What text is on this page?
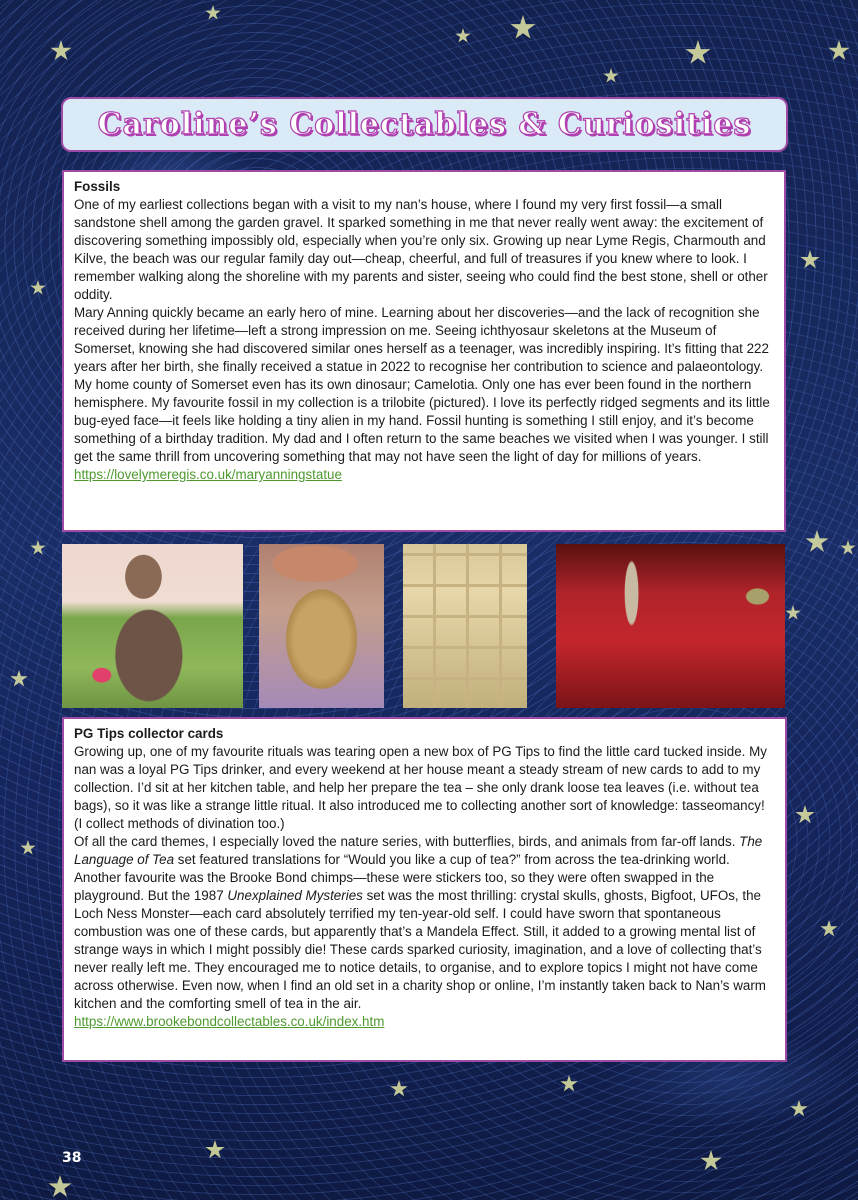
Caroline’s Collectables & Curiosities
Fossils

One of my earliest collections began with a visit to my nan’s house, where I found my very first fossil—a small sandstone shell among the garden gravel. It sparked something in me that never really went away: the excitement of discovering something impossibly old, especially when you’re only six. Growing up near Lyme Regis, Charmouth and Kilve, the beach was our regular family day out—cheap, cheerful, and full of treasures if you knew where to look. I remember walking along the shoreline with my parents and sister, seeing who could find the best stone, shell or other oddity.

Mary Anning quickly became an early hero of mine. Learning about her discoveries—and the lack of recognition she received during her lifetime—left a strong impression on me. Seeing ichthyosaur skeletons at the Museum of Somerset, knowing she had discovered similar ones herself as a teenager, was incredibly inspiring. It’s fitting that 222 years after her birth, she finally received a statue in 2022 to recognise her contribution to science and palaeontology. My home county of Somerset even has its own dinosaur; Camelotia. Only one has ever been found in the northern hemisphere. My favourite fossil in my collection is a trilobite (pictured). I love its perfectly ridged segments and its little bug-eyed face—it feels like holding a tiny alien in my hand. Fossil hunting is something I still enjoy, and it’s become something of a birthday tradition. My dad and I often return to the same beaches we visited when I was younger. I still get the same thrill from uncovering something that may not have seen the light of day for millions of years.

https://lovelymeregis.co.uk/maryanningstatue
PG Tips collector cards

Growing up, one of my favourite rituals was tearing open a new box of PG Tips to find the little card tucked inside. My nan was a loyal PG Tips drinker, and every weekend at her house meant a steady stream of new cards to add to my collection. I’d sit at her kitchen table, and help her prepare the tea – she only drank loose tea leaves (i.e. without tea bags), so it was like a strange little ritual. It also introduced me to collecting another sort of knowledge: tasseomancy! (I collect methods of divination too.)

Of all the card themes, I especially loved the nature series, with butterflies, birds, and animals from far-off lands. The Language of Tea set featured translations for “Would you like a cup of tea?” from across the tea-drinking world. Another favourite was the Brooke Bond chimps—these were stickers too, so they were often swapped in the playground. But the 1987 Unexplained Mysteries set was the most thrilling: crystal skulls, ghosts, Bigfoot, UFOs, the Loch Ness Monster—each card absolutely terrified my ten-year-old self. I could have sworn that spontaneous combustion was one of these cards, but apparently that’s a Mandela Effect. Still, it added to a growing mental list of strange ways in which I might possibly die! These cards sparked curiosity, imagination, and a love of collecting that’s never really left me. They encouraged me to notice details, to organise, and to explore topics I might not have come across otherwise. Even now, when I find an old set in a charity shop or online, I’m instantly taken back to Nan’s warm kitchen and the comforting smell of tea in the air.

https://www.brookebondcollectables.co.uk/index.htm
38
